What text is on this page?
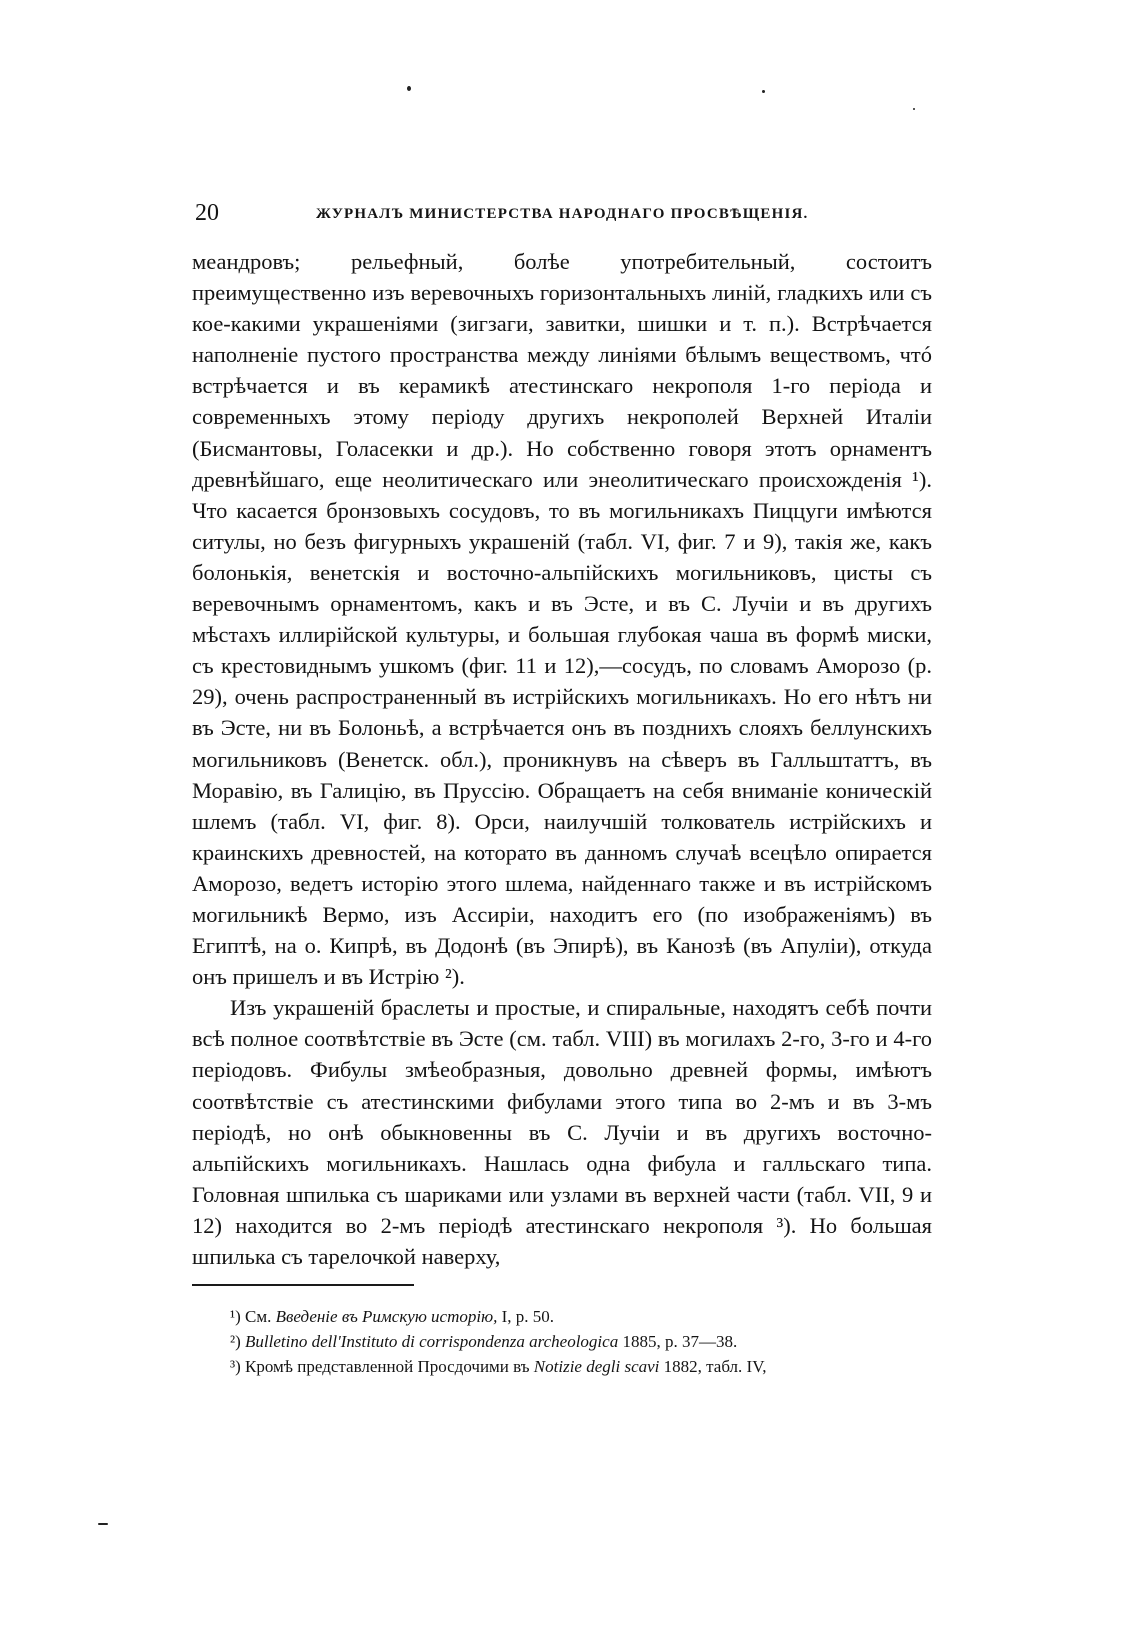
20	ЖУРНАЛЪ МИНИСТЕРСТВА НАРОДНАГО ПРОСВѢЩЕНІЯ.

меандровъ; рельефный, болѣе употребительный, состоитъ преимущественно изъ веревочныхъ горизонтальныхъ линій, гладкихъ или съ кое-какими украшеніями (зигзаги, завитки, шишки и т. п.). Встрѣчается наполненіе пустого пространства между линіями бѣлымъ веществомъ, чтó встрѣчается и въ керамикѣ атестинскаго некрополя 1-го періода и современныхъ этому періоду другихъ некрополей Верхней Италіи (Бисмантовы, Голасекки и др.). Но собственно говоря этотъ орнаментъ древнѣйшаго, еще неолитическаго или энеолитическаго происхожденія ¹). Что касается бронзовыхъ сосудовъ, то въ могильникахъ Пиццуги имѣются ситулы, но безъ фигурныхъ украшеній (табл. VI, фиг. 7 и 9), такія же, какъ болонькія, венетскія и восточно-альпійскихъ могильниковъ, цисты съ веревочнымъ орнаментомъ, какъ и въ Эсте, и въ С. Лучіи и въ другихъ мѣстахъ иллирійской культуры, и большая глубокая чаша въ формѣ миски, съ крестовиднымъ ушкомъ (фиг. 11 и 12),—сосудъ, по словамъ Аморозо (p. 29), очень распространенный въ истрійскихъ могильникахъ. Но его нѣтъ ни въ Эсте, ни въ Болоньѣ, а встрѣчается онъ въ позднихъ слояхъ беллунскихъ могильниковъ (Венетск. обл.), проникнувъ на сѣверъ въ Галльштаттъ, въ Моравію, въ Галицію, въ Пруссію. Обращаетъ на себя вниманіе коническій шлемъ (табл. VI, фиг. 8). Орси, наилучшій толкователь истрійскихъ и краинскихъ древностей, на которато въ данномъ случаѣ всецѣло опирается Аморозо, ведетъ исторію этого шлема, найденнаго также и въ истрійскомъ могильникѣ Вермо, изъ Ассиріи, находитъ его (по изображеніямъ) въ Египтѣ, на о. Кипрѣ, въ Додонѣ (въ Эпирѣ), въ Канозѣ (въ Апуліи), откуда онъ пришелъ и въ Истрію ²).

Изъ украшеній браслеты и простые, и спиральные, находятъ себѣ почти всѣ полное соотвѣтствіе въ Эсте (см. табл. VIII) въ могилахъ 2-го, 3-го и 4-го періодовъ. Фибулы змѣеобразныя, довольно древней формы, имѣютъ соотвѣтствіе съ атестинскими фибулами этого типа во 2-мъ и въ 3-мъ періодѣ, но онѣ обыкновенны въ С. Лучіи и въ другихъ восточно-альпійскихъ могильникахъ. Нашлась одна фибула и галльскаго типа. Головная шпилька съ шариками или узлами въ верхней части (табл. VII, 9 и 12) находится во 2-мъ періодѣ атестинскаго некрополя ³). Но большая шпилька съ тарелочкой наверху,

¹) См. Введеніе въ Римскую исторію, I, p. 50.
²) Bulletino dell'Instituto di corrispondenza archeologica 1885, p. 37—38.
³) Кромѣ представленной Просдочими въ Notizie degli scavi 1882, табл. IV,
